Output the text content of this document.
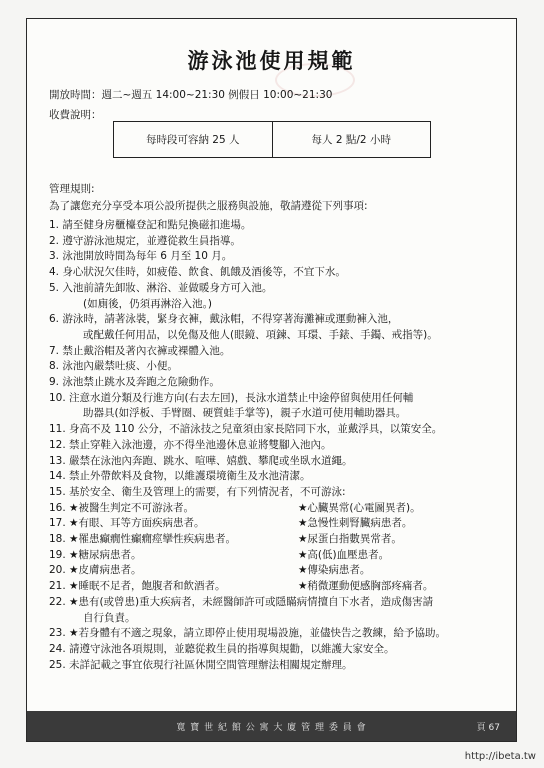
游泳池使用規範
開放時間：週二~週五 14:00~21:30 例假日 10:00~21:30
收費說明：
每時段可容納 25 人	每人 2 點/2 小時
管理規則:
為了讓您充分享受本項公設所提供之服務與設施，敬請遵從下列事項:
1. 請至健身房櫃檯登記和點兒換磁扣進場。
2. 遵守游泳池規定，並遵從救生員指導。
3. 泳池開放時間為每年 6 月至 10 月。
4. 身心狀況欠佳時，如疲倦、飲食、飢餓及酒後等，不宜下水。
5. 入池前請先卸妝、淋浴、並做暖身方可入池。
(如廁後，仍須再淋浴入池。)
6. 游泳時，請著泳裝，緊身衣褲，戴泳帽，不得穿著海灘褲或運動褲入池，
或配戴任何用品，以免傷及他人(眼鏡、項鍊、耳環、手錶、手鐲、戒指等)。
7. 禁止戴浴帽及著內衣褲或裸體入池。
8. 泳池內嚴禁吐痰、小便。
9. 泳池禁止跳水及奔跑之危險動作。
10. 注意水道分類及行進方向(右去左回)，長泳水道禁止中途停留與使用任何輔
助器具(如浮板、手臂圈、硬質蛙手掌等)，親子水道可使用輔助器具。
11. 身高不及 110 公分，不諳泳技之兒童須由家長陪同下水，並戴浮具，以策安全。
12. 禁止穿鞋入泳池邊，亦不得坐池邊休息並將雙腳入池內。
13. 嚴禁在泳池內奔跑、跳水、喧嘩、嬉戲、攀爬或坐臥水道繩。
14. 禁止外帶飲料及食物，以維護環境衛生及水池清潔。
15. 基於安全、衛生及管理上的需要，有下列情況者，不可游泳:
16. ★被醫生判定不可游泳者。	★心臟異常(心電圖異者)。
17. ★有眼、耳等方面疾病患者。	★急慢性刺腎臟病患者。
18. ★罹患癲癇性癲癇痙攣性疾病患者。	★尿蛋白指數異常者。
19. ★糖尿病患者。	★高(低)血壓患者。
20. ★皮膚病患者。	★傳染病患者。
21. ★睡眠不足者，飽腹者和飲酒者。	★稍微運動便感胸部疼痛者。
22. ★患有(或曾患)重大疾病者，未經醫師許可或隱瞞病情擅自下水者，造成傷害請
自行負責。
23. ★若身體有不適之現象，請立即停止使用現場設施，並儘快告之教練，給予協助。
24. 請遵守泳池各項規則，並聽從救生員的指導與規勸，以維護大家安全。
25. 未詳記載之事宜依現行社區休閒空間管理辦法相關規定辦理。
寬 寶 世 紀 館 公 寓 大 廈 管 理 委 員 會	頁 67
http://ibeta.tw
